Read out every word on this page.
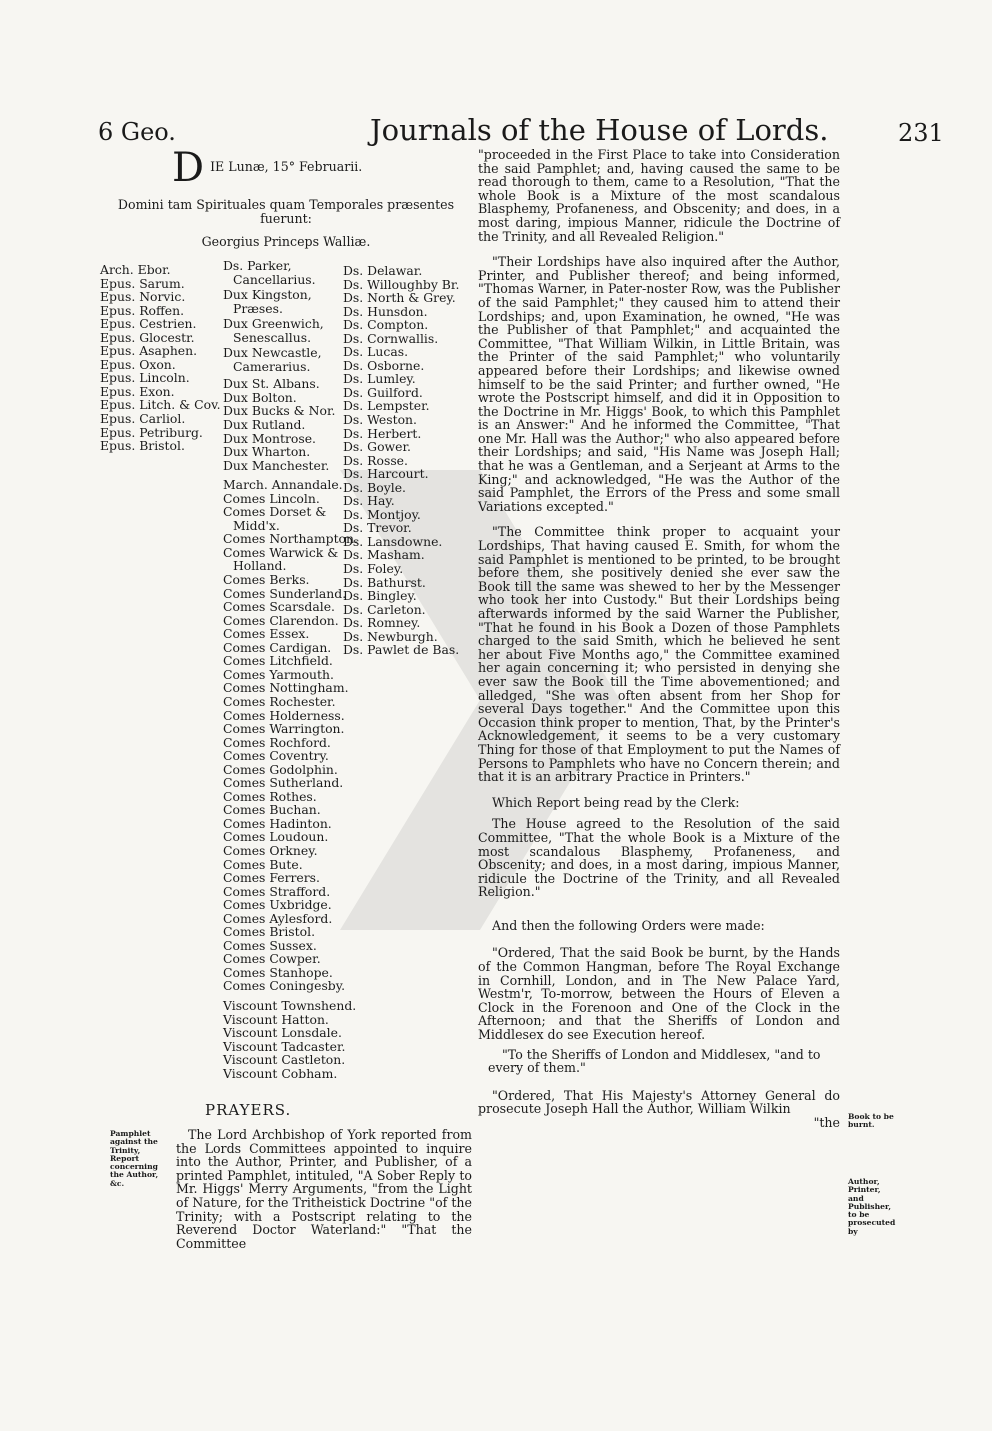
6 Geo.	Journals of the House of Lords.	231
D IE Lunæ, 15° Februarii.
Domini tam Spirituales quam Temporales præsentes fuerunt:
Georgius Princeps Walliæ.
Arch. Ebor.
Epus. Sarum.
Epus. Norvic.
Epus. Roffen.
Epus. Cestrien.
Epus. Glocestr.
Epus. Asaphen.
Epus. Oxon.
Epus. Lincoln.
Epus. Exon.
Epus. Litch. & Cov.
Epus. Carliol.
Epus. Petriburg.
Epus. Bristol.
Ds. Parker, Cancellarius.
Dux Kingston, Præses.
Dux Greenwich, Senescallus.
Dux Newcastle, Camerarius.
Dux St. Albans.
Dux Bolton.
Dux Bucks & Nor.
Dux Rutland.
Dux Montrose.
Dux Wharton.
Dux Manchester.
March. Annandale.
Comes Lincoln.
Comes Dorset & Midd'x.
Comes Northampton.
Comes Warwick & Holland.
Comes Berks.
Comes Sunderland.
Comes Scarsdale.
Comes Clarendon.
Comes Essex.
Comes Cardigan.
Comes Litchfield.
Comes Yarmouth.
Comes Nottingham.
Comes Rochester.
Comes Holderness.
Comes Warrington.
Comes Rochford.
Comes Coventry.
Comes Godolphin.
Comes Sutherland.
Comes Rothes.
Comes Buchan.
Comes Hadinton.
Comes Loudoun.
Comes Orkney.
Comes Bute.
Comes Ferrers.
Comes Strafford.
Comes Uxbridge.
Comes Aylesford.
Comes Bristol.
Comes Sussex.
Comes Cowper.
Comes Stanhope.
Comes Coningesby.
Viscount Townshend.
Viscount Hatton.
Viscount Lonsdale.
Viscount Tadcaster.
Viscount Castleton.
Viscount Cobham.
Ds. Delawar.
Ds. Willoughby Br.
Ds. North & Grey.
Ds. Hunsdon.
Ds. Compton.
Ds. Cornwallis.
Ds. Lucas.
Ds. Osborne.
Ds. Lumley.
Ds. Guilford.
Ds. Lempster.
Ds. Weston.
Ds. Herbert.
Ds. Gower.
Ds. Rosse.
Ds. Harcourt.
Ds. Boyle.
Ds. Hay.
Ds. Montjoy.
Ds. Trevor.
Ds. Lansdowne.
Ds. Masham.
Ds. Foley.
Ds. Bathurst.
Ds. Bingley.
Ds. Carleton.
Ds. Romney.
Ds. Newburgh.
Ds. Pawlet de Bas.
PRAYERS.
Pamphlet against the Trinity, Report concerning the Author, &c.
The Lord Archbishop of York reported from the Lords Committees appointed to inquire into the Author, Printer, and Publisher, of a printed Pamphlet, intituled, "A Sober Reply to Mr. Higgs' Merry Arguments, "from the Light of Nature, for the Tritheistick Doctrine "of the Trinity; with a Postscript relating to the Reverend Doctor Waterland:" "That the Committee
"proceeded in the First Place to take into Consideration the said Pamphlet; and, having caused the same to be read thorough to them, came to a Resolution, "That the whole Book is a Mixture of the most scandalous Blasphemy, Profaneness, and Obscenity; and does, in a most daring, impious Manner, ridicule the Doctrine of the Trinity, and all Revealed Religion."
"Their Lordships have also inquired after the Author, Printer, and Publisher thereof; and being informed, "Thomas Warner, in Pater-noster Row, was the Publisher of the said Pamphlet;" they caused him to attend their Lordships; and, upon Examination, he owned, "He was the Publisher of that Pamphlet;" and acquainted the Committee, "That William Wilkin, in Little Britain, was the Printer of the said Pamphlet;" who voluntarily appeared before their Lordships; and likewise owned himself to be the said Printer; and further owned, "He wrote the Postscript himself, and did it in Opposition to the Doctrine in Mr. Higgs' Book, to which this Pamphlet is an Answer:" And he informed the Committee, "That one Mr. Hall was the Author;" who also appeared before their Lordships; and said, "His Name was Joseph Hall; that he was a Gentleman, and a Serjeant at Arms to the King;" and acknowledged, "He was the Author of the said Pamphlet, the Errors of the Press and some small Variations excepted."
"The Committee think proper to acquaint your Lordships, That having caused E. Smith, for whom the said Pamphlet is mentioned to be printed, to be brought before them, she positively denied she ever saw the Book till the same was shewed to her by the Messenger who took her into Custody." But their Lordships being afterwards informed by the said Warner the Publisher, "That he found in his Book a Dozen of those Pamphlets charged to the said Smith, which he believed he sent her about Five Months ago," the Committee examined her again concerning it; who persisted in denying she ever saw the Book till the Time abovementioned; and alledged, "She was often absent from her Shop for several Days together." And the Committee upon this Occasion think proper to mention, That, by the Printer's Acknowledgement, it seems to be a very customary Thing for those of that Employment to put the Names of Persons to Pamphlets who have no Concern therein; and that it is an arbitrary Practice in Printers."
Which Report being read by the Clerk:
The House agreed to the Resolution of the said Committee, "That the whole Book is a Mixture of the most scandalous Blasphemy, Profaneness, and Obscenity; and does, in a most daring, impious Manner, ridicule the Doctrine of the Trinity, and all Revealed Religion."
And then the following Orders were made:
"Ordered, That the said Book be burnt, by the Hands of the Common Hangman, before The Royal Exchange in Cornhill, London, and in The New Palace Yard, Westm'r, To-morrow, between the Hours of Eleven a Clock in the Forenoon and One of the Clock in the Afternoon; and that the Sheriffs of London and Middlesex do see Execution hereof.
"To the Sheriffs of London and Middlesex, "and to every of them."
"Ordered, That His Majesty's Attorney General do prosecute Joseph Hall the Author, William Wilkin
"the Book to be burnt.
Author, Printer, and Publisher, to be prosecuted by
